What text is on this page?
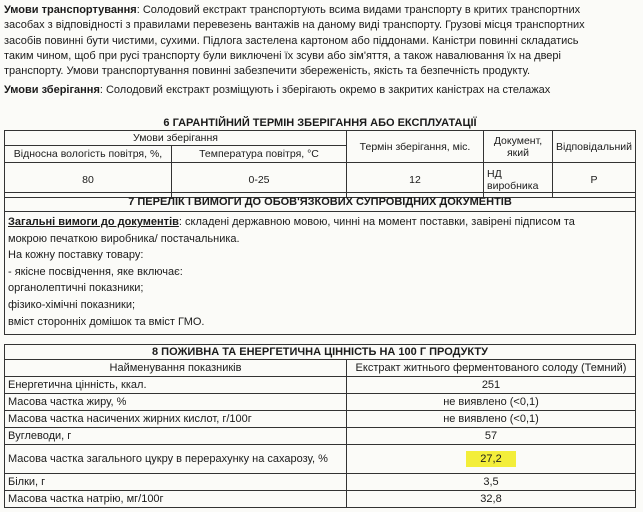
Умови транспортування: Солодовий екстракт транспортують всима видами транспорту в критих транспортних
засобах з відповідності з правилами перевезень вантажів на даному виді транспорту. Грузові місця транспортних
засобів повинні бути чистими, сухими. Підлога застелена картоном або піддонами. Каністри повинні складатись
таким чином, щоб при русі транспорту були виключені їх зсуви або зім'яття, а також навалювання їх на двері
транспорту. Умови транспортування повинні забезпечити збереженість, якість та безпечність продукту.
Умови зберігання: Солодовий екстракт розміщують і зберігають окремо в закритих каністрах на стелажах
6 ГАРАНТІЙНИЙ ТЕРМІН ЗБЕРІГАННЯ АБО ЕКСПЛУАТАЦІЇ				
Умови зберігання		Термін зберігання, міс.	Документ, який	Відповідальний
Відносна вологість повітря, %,	Температура повітря, °С			
80	0-25	12	НД виробника	Р
7 ПЕРЕЛІК І ВИМОГИ ДО ОБОВ'ЯЗКОВИХ СУПРОВІДНИХ ДОКУМЕНТІВ
Загальні вимоги до документів: складені державною мовою, чинні на момент поставки, завірені підписом та
мокрою печаткою виробника/ постачальника.
На кожну поставку товару:
- якісне посвідчення, яке включає:
органолептичні показники;
фізико-хімічні показники;
вміст сторонніх домішок та вміст ГМО.
8 ПОЖИВНА ТА ЕНЕРГЕТИЧНА ЦІННІСТЬ НА 100 Г ПРОДУКТУ	
Найменування показників	Екстракт житнього ферментованого солоду (Темний)
Енергетична цінність, ккал.	251
Масова частка жиру, %	не виявлено (<0,1)
Масова частка насичених жирних кислот, г/100г	не виявлено (<0,1)
Вуглеводи, г	57
Масова частка загального цукру в перерахунку на сахарозу, %	27,2
Білки, г	3,5
Масова частка натрію, мг/100г	32,8
